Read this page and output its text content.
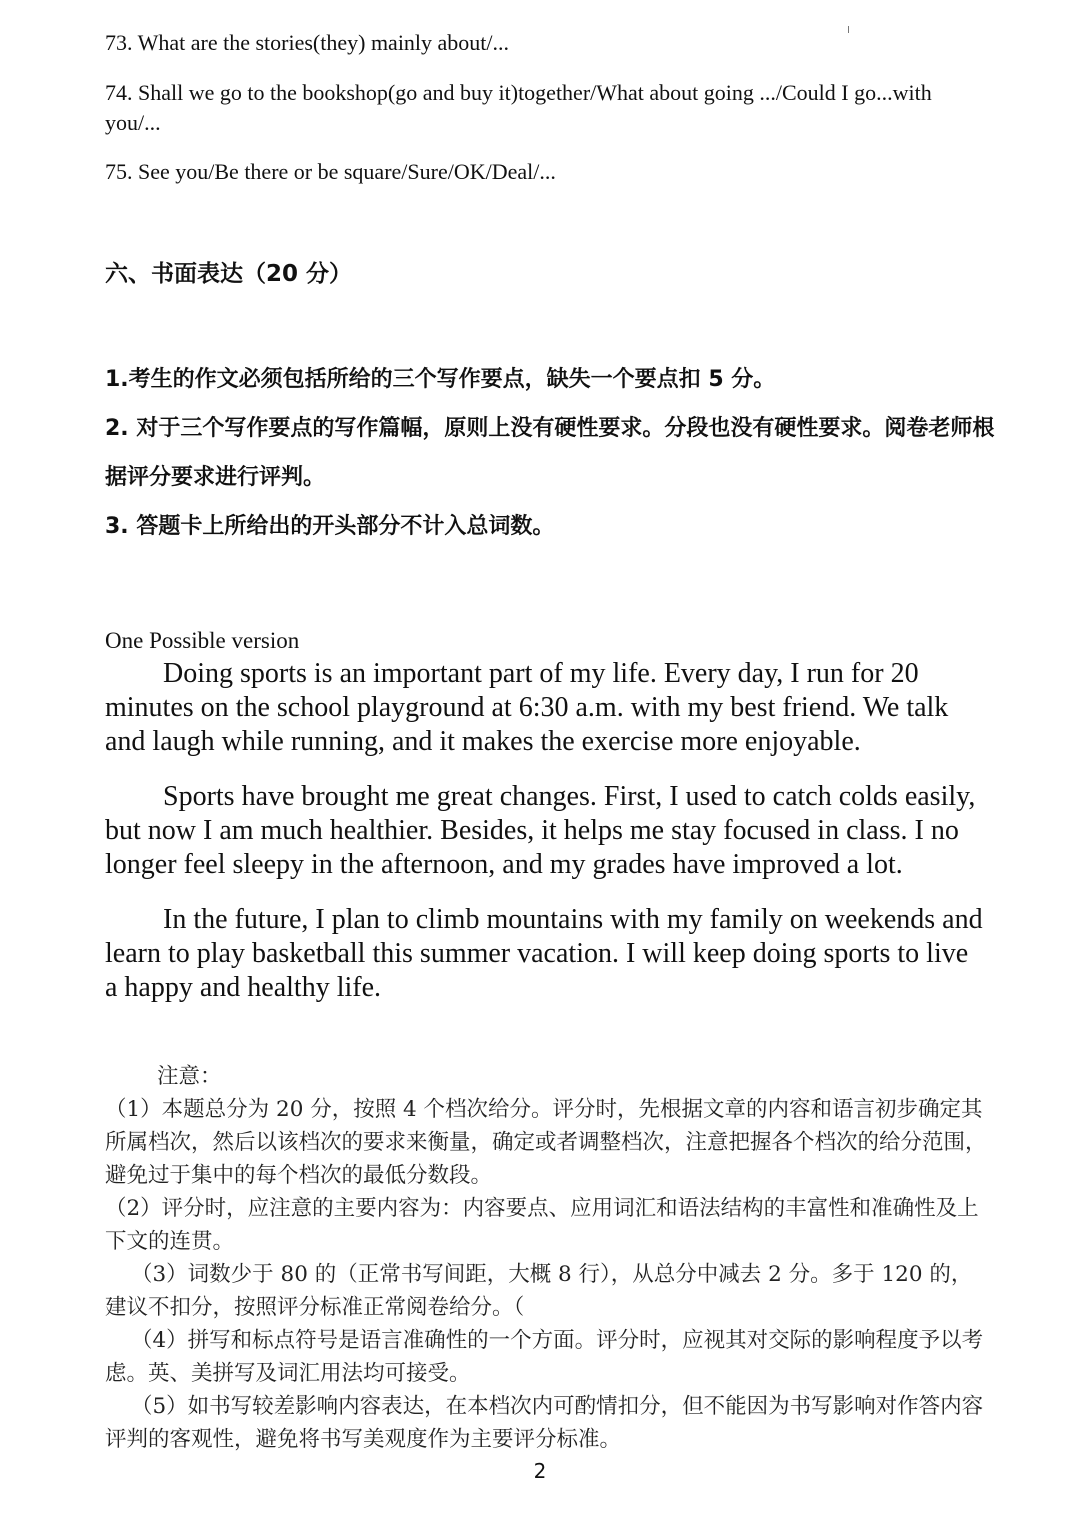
73. What are the stories(they) mainly about/...
74. Shall we go to the bookshop(go and buy it)together/What about going .../Could I go...with you/...
75. See you/Be there or be square/Sure/OK/Deal/...
六、书面表达（20 分）

1.考生的作文必须包括所给的三个写作要点，缺失一个要点扣 5 分。

2. 对于三个写作要点的写作篇幅，原则上没有硬性要求。分段也没有硬性要求。阅卷老师根据评分要求进行评判。

3. 答题卡上所给出的开头部分不计入总词数。

One Possible version

Doing sports is an important part of my life. Every day, I run for 20 minutes on the school playground at 6:30 a.m. with my best friend. We talk and laugh while running, and it makes the exercise more enjoyable.

Sports have brought me great changes. First, I used to catch colds easily, but now I am much healthier. Besides, it helps me stay focused in class. I no longer feel sleepy in the afternoon, and my grades have improved a lot.

In the future, I plan to climb mountains with my family on weekends and learn to play basketball this summer vacation. I will keep doing sports to live a happy and healthy life.

注意：

（1）本题总分为 20 分，按照 4 个档次给分。评分时，先根据文章的内容和语言初步确定其所属档次，然后以该档次的要求来衡量，确定或者调整档次，注意把握各个档次的给分范围，避免过于集中的每个档次的最低分数段。

（2）评分时，应注意的主要内容为：内容要点、应用词汇和语法结构的丰富性和准确性及上下文的连贯。

（3）词数少于 80 的（正常书写间距，大概 8 行），从总分中减去 2 分。多于 120 的，建议不扣分，按照评分标准正常阅卷给分。（

（4）拼写和标点符号是语言准确性的一个方面。评分时，应视其对交际的影响程度予以考虑。英、美拼写及词汇用法均可接受。

（5）如书写较差影响内容表达，在本档次内可酌情扣分，但不能因为书写影响对作答内容评判的客观性，避免将书写美观度作为主要评分标准。

2
